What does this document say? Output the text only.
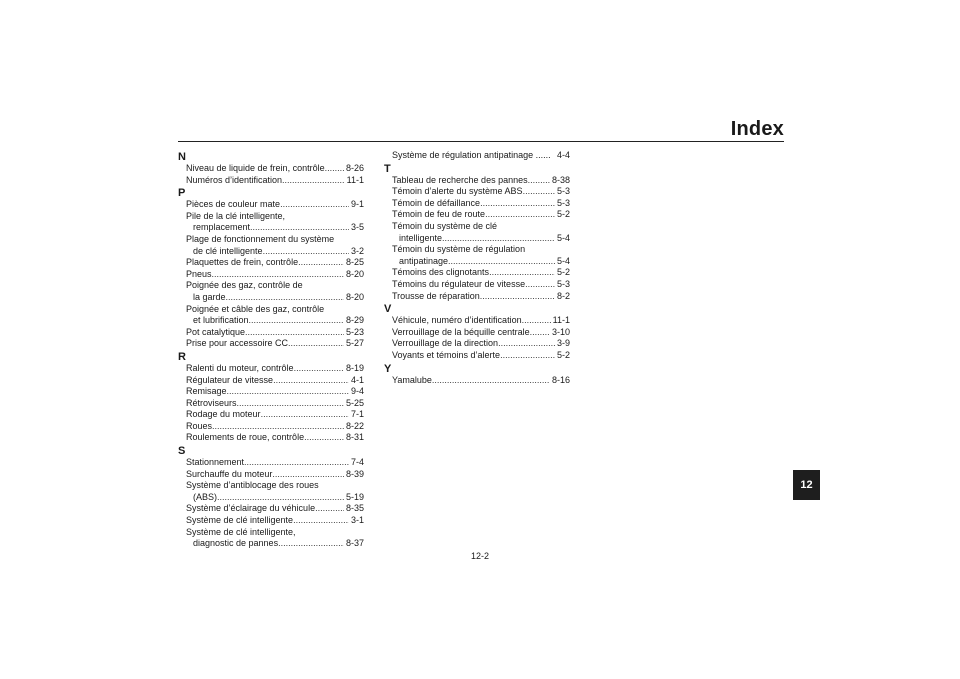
Index
N
Niveau de liquide de frein, contrôle ..... 8-26
Numéros d’identification .....	11-1
P
Pièces de couleur mate .....	9-1
Pile de la clé intelligente,
remplacement .....	3-5
Plage de fonctionnement du système
de clé intelligente .....	3-2
Plaquettes de frein, contrôle .....	8-25
Pneus .....	8-20
Poignée des gaz, contrôle de
la garde .....	8-20
Poignée et câble des gaz, contrôle
et lubrification .....	8-29
Pot catalytique .....	5-23
Prise pour accessoire CC .....	5-27
R
Ralenti du moteur, contrôle .....	8-19
Régulateur de vitesse .....	4-1
Remisage .....	9-4
Rétroviseurs .....	5-25
Rodage du moteur .....	7-1
Roues .....	8-22
Roulements de roue, contrôle .....	8-31
S
Stationnement .....	7-4
Surchauffe du moteur .....	8-39
Système d’antiblocage des roues
(ABS) .....	5-19
Système d’éclairage du véhicule .....	8-35
Système de clé intelligente .....	3-1
Système de clé intelligente,
diagnostic de pannes .....	8-37
Système de régulation antipatinage ...... 4-4
T
Tableau de recherche des pannes .....	8-38
Témoin d’alerte du système ABS .....	5-3
Témoin de défaillance .....	5-3
Témoin de feu de route .....	5-2
Témoin du système de clé
intelligente .....	5-4
Témoin du système de régulation
antipatinage .....	5-4
Témoins des clignotants .....	5-2
Témoins du régulateur de vitesse .....	5-3
Trousse de réparation .....	8-2
V
Véhicule, numéro d’identification .....	11-1
Verrouillage de la béquille centrale ..... 3-10
Verrouillage de la direction .....	3-9
Voyants et témoins d’alerte .....	5-2
Y
Yamalube .....	8-16
12
12-2
